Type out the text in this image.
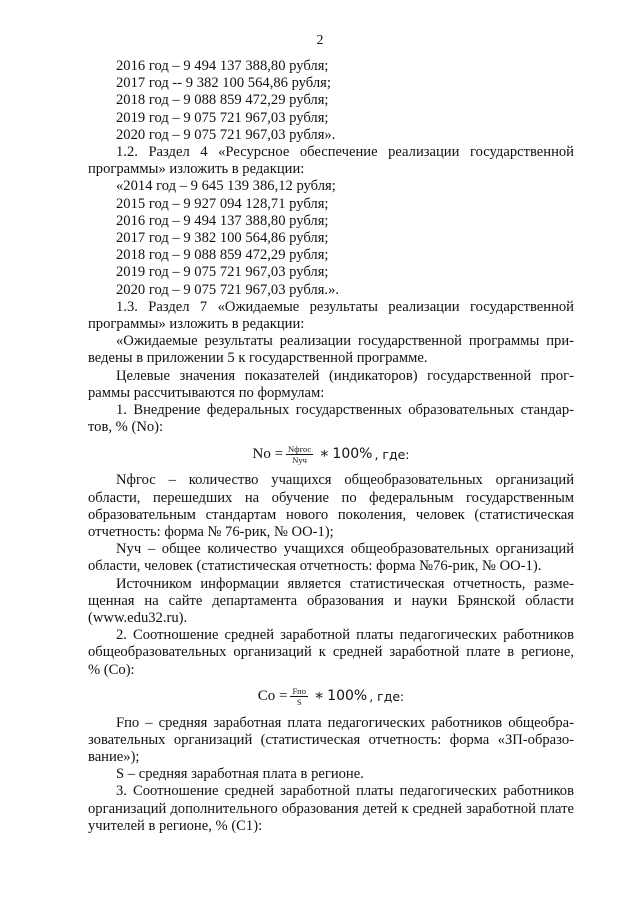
2
2016 год – 9 494 137 388,80 рубля;
2017 год -- 9 382 100 564,86 рубля;
2018 год – 9 088 859 472,29 рубля;
2019 год – 9 075 721 967,03 рубля;
2020 год – 9 075 721 967,03 рубля».
1.2. Раздел 4 «Ресурсное обеспечение реализации государственной
программы» изложить в редакции:
«2014 год – 9 645 139 386,12 рубля;
2015 год – 9 927 094 128,71 рубля;
2016 год – 9 494 137 388,80 рубля;
2017 год – 9 382 100 564,86 рубля;
2018 год – 9 088 859 472,29 рубля;
2019 год – 9 075 721 967,03 рубля;
2020 год – 9 075 721 967,03 рубля.».
1.3. Раздел 7 «Ожидаемые результаты реализации государственной
программы» изложить в редакции:
«Ожидаемые результаты реализации государственной программы при-
ведены в приложении 5 к государственной программе.
Целевые значения показателей (индикаторов) государственной прог-
раммы рассчитываются по формулам:
1. Внедрение федеральных государственных образовательных стандар-
тов, % (No):
$No = \frac{\text{Nфгос}}{\text{Nуч}}$ ∗ 100% , где:
Nфгос – количество учащихся общеобразовательных организаций
области, перешедших на обучение по федеральным государственным
образовательным стандартам нового поколения, человек (статистическая
отчетность: форма № 76-рик, № ОО-1);
Nуч – общее количество учащихся общеобразовательных организаций
области, человек (статистическая отчетность: форма №76-рик, № ОО-1).
Источником информации является статистическая отчетность, разме-
щенная на сайте департамента образования и науки Брянской области
(www.edu32.ru).
2. Соотношение средней заработной платы педагогических работников
общеобразовательных организаций к средней заработной плате в регионе,
% (Со):
Со = $\frac{\text{Fпо}}{S}$ ∗ 100% , где:
Fпо – средняя заработная плата педагогических работников общеобра-
зовательных организаций (статистическая отчетность: форма «ЗП-образо-
вание»);
S – средняя заработная плата в регионе.
3. Соотношение средней заработной платы педагогических работников
организаций дополнительного образования детей к средней заработной плате
учителей в регионе, % (С1):
